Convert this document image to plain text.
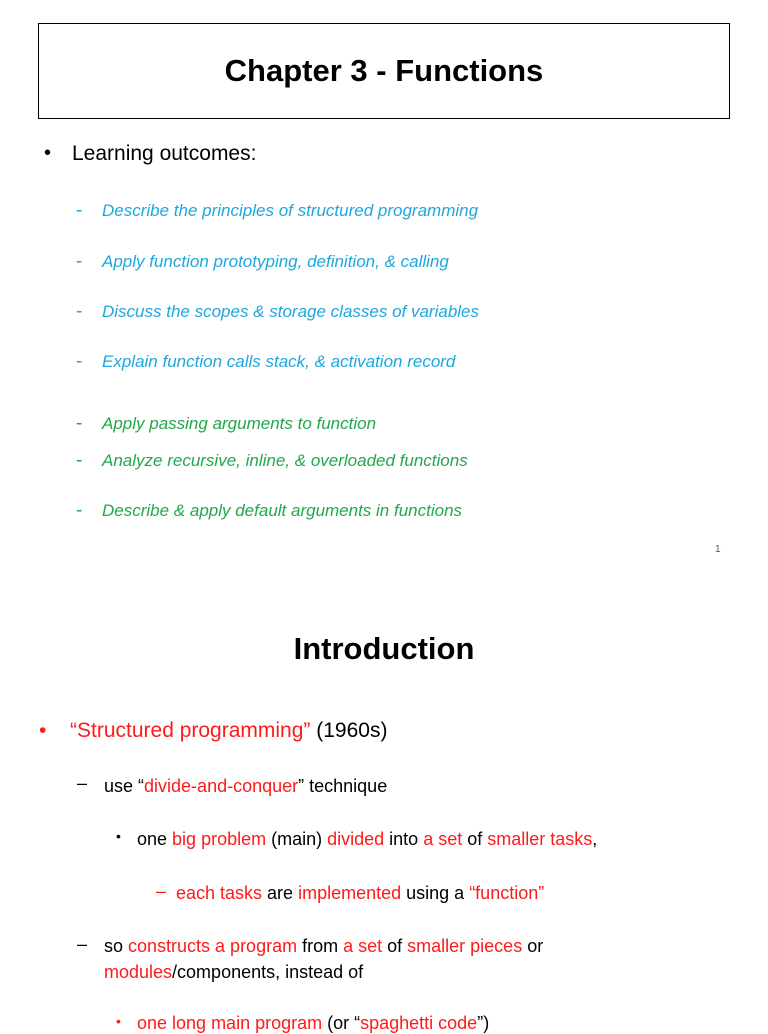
Chapter 3 - Functions
• Learning outcomes:
- Describe the principles of structured programming
- Apply function prototyping, definition, & calling
- Discuss the scopes & storage classes of variables
- Explain function calls stack, & activation record
- Apply passing arguments to function
- Analyze recursive, inline, & overloaded functions
- Describe & apply default arguments in functions
1
Introduction
• “Structured programming” (1960s)
– use “divide-and-conquer” technique
• one big problem (main) divided into a set of smaller tasks,
– each tasks are implemented using a “function”
– so constructs a program from a set of smaller pieces or
modules/components, instead of
• one long main program (or “spaghetti code”)
